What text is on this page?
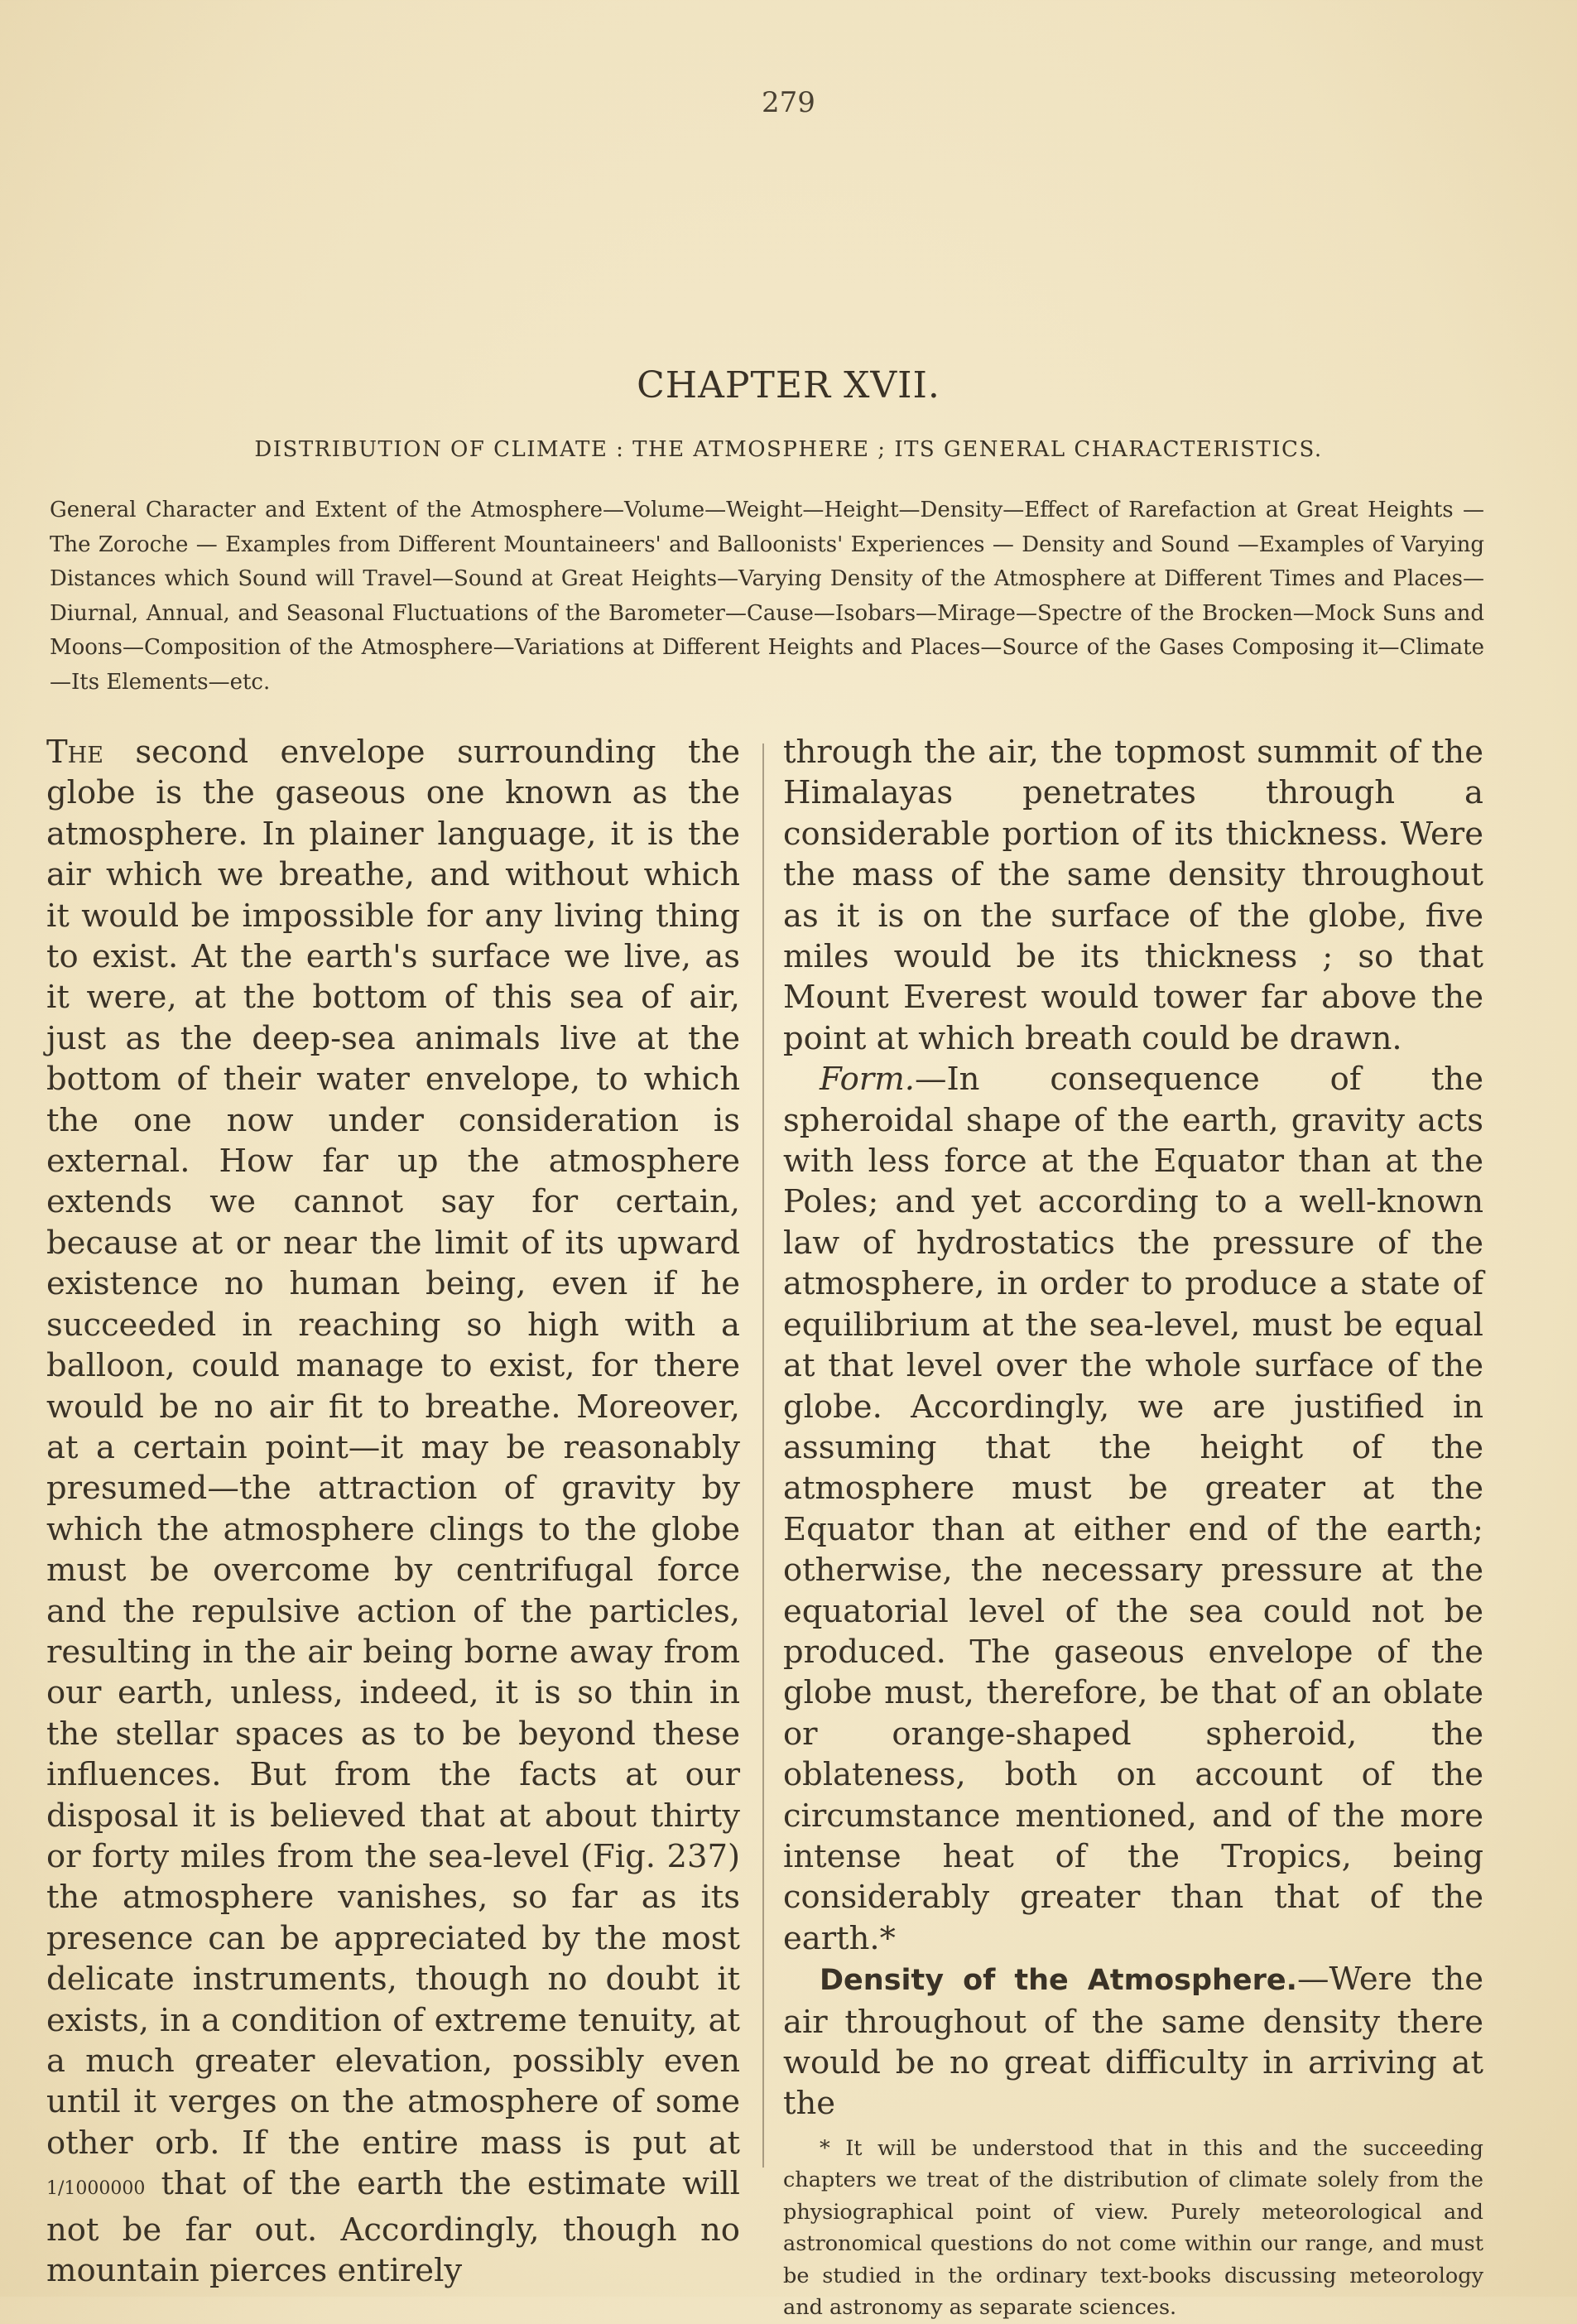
279
CHAPTER XVII.
DISTRIBUTION OF CLIMATE : THE ATMOSPHERE ; ITS GENERAL CHARACTERISTICS.
General Character and Extent of the Atmosphere—Volume—Weight—Height—Density—Effect of Rarefaction at Great Heights — The Zoroche — Examples from Different Mountaineers' and Balloonists' Experiences — Density and Sound —Examples of Varying Distances which Sound will Travel—Sound at Great Heights—Varying Density of the Atmosphere at Different Times and Places—Diurnal, Annual, and Seasonal Fluctuations of the Barometer—Cause—Isobars—Mirage—Spectre of the Brocken—Mock Suns and Moons—Composition of the Atmosphere—Variations at Different Heights and Places—Source of the Gases Composing it—Climate—Its Elements—etc.

The second envelope surrounding the globe is the gaseous one known as the atmosphere. In plainer language, it is the air which we breathe, and without which it would be impossible for any living thing to exist. At the earth's surface we live, as it were, at the bottom of this sea of air, just as the deep-sea animals live at the bottom of their water envelope, to which the one now under consideration is external. How far up the atmosphere extends we cannot say for certain, because at or near the limit of its upward existence no human being, even if he succeeded in reaching so high with a balloon, could manage to exist, for there would be no air fit to breathe. Moreover, at a certain point—it may be reasonably presumed—the attraction of gravity by which the atmosphere clings to the globe must be overcome by centrifugal force and the repulsive action of the particles, resulting in the air being borne away from our earth, unless, indeed, it is so thin in the stellar spaces as to be beyond these influences. But from the facts at our disposal it is believed that at about thirty or forty miles from the sea-level (Fig. 237) the atmosphere vanishes, so far as its presence can be appreciated by the most delicate instruments, though no doubt it exists, in a condition of extreme tenuity, at a much greater elevation, possibly even until it verges on the atmosphere of some other orb. If the entire mass is put at 1/1000000 that of the earth the estimate will not be far out. Accordingly, though no mountain pierces entirely

through the air, the topmost summit of the Himalayas penetrates through a considerable portion of its thickness. Were the mass of the same density throughout as it is on the surface of the globe, five miles would be its thickness ; so that Mount Everest would tower far above the point at which breath could be drawn.

Form.—In consequence of the spheroidal shape of the earth, gravity acts with less force at the Equator than at the Poles; and yet according to a well-known law of hydrostatics the pressure of the atmosphere, in order to produce a state of equilibrium at the sea-level, must be equal at that level over the whole surface of the globe. Accordingly, we are justified in assuming that the height of the atmosphere must be greater at the Equator than at either end of the earth; otherwise, the necessary pressure at the equatorial level of the sea could not be produced. The gaseous envelope of the globe must, therefore, be that of an oblate or orange-shaped spheroid, the oblateness, both on account of the circumstance mentioned, and of the more intense heat of the Tropics, being considerably greater than that of the earth.*

Density of the Atmosphere.—Were the air throughout of the same density there would be no great difficulty in arriving at the

* It will be understood that in this and the succeeding chapters we treat of the distribution of climate solely from the physiographical point of view. Purely meteorological and astronomical questions do not come within our range, and must be studied in the ordinary text-books discussing meteorology and astronomy as separate sciences.
